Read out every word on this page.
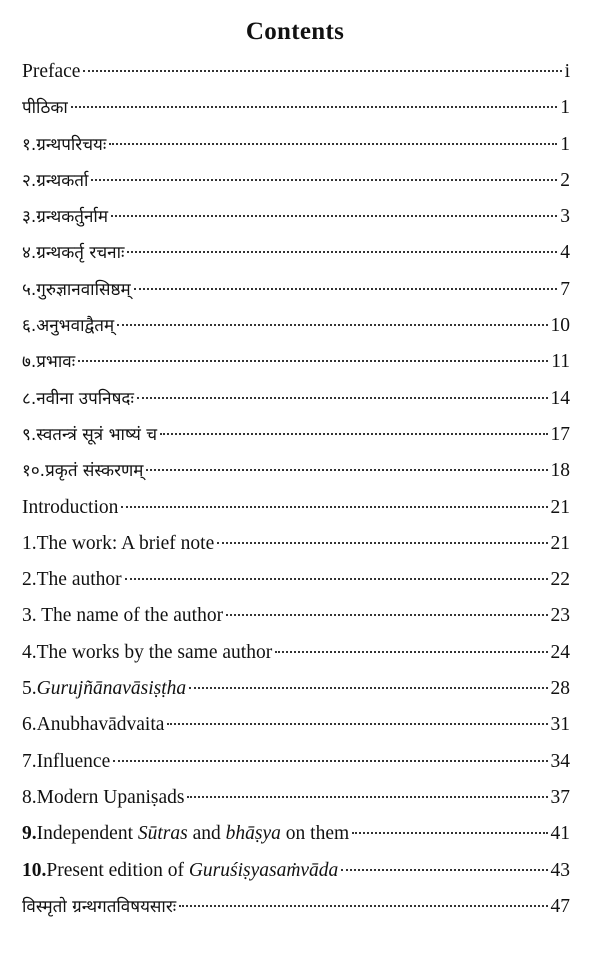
Contents
Preface	i
पीठिका	1
१.ग्रन्थपरिचयः	1
२.ग्रन्थकर्ता	2
३.ग्रन्थकर्तुर्नाम	3
४.ग्रन्थकर्तृ रचनाः	4
५.गुरुज्ञानवासिष्ठम्	7
६.अनुभवाद्वैतम्	10
७.प्रभावः	11
८.नवीना उपनिषदः	14
९.स्वतन्त्रं सूत्रं भाष्यं च	17
१०.प्रकृतं संस्करणम्	18
Introduction	21
1.The work: A brief note	21
2.The author	22
3. The name of the author	23
4.The works by the same author	24
5.Gurujñānavāsiṣṭha	28
6.Anubhavādvaita	31
7.Influence	34
8.Modern Upaniṣads	37
9.Independent Sūtras and bhāṣya on them	41
10.Present edition of Guruśiṣyasaṁvāda	43
विस्मृतो ग्रन्थगतविषयसारः	47
